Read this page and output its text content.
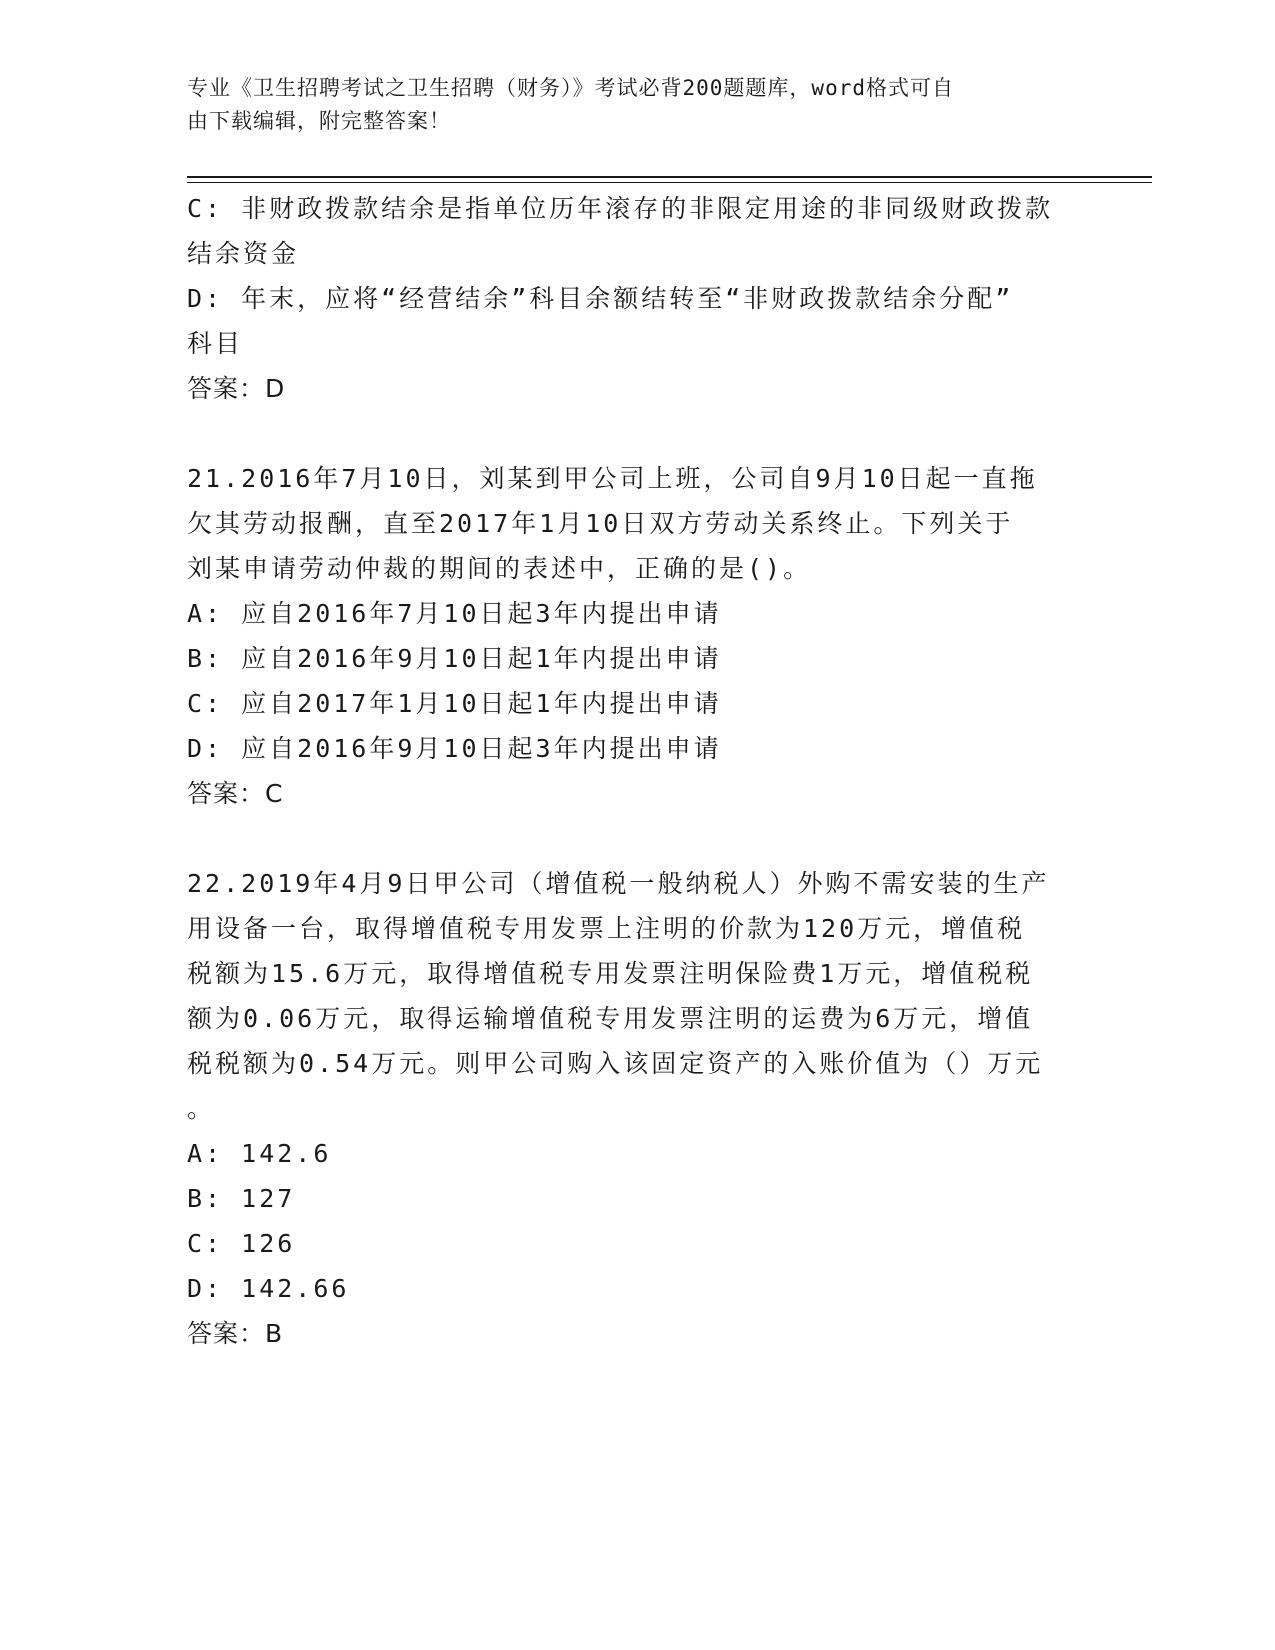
专业《卫生招聘考试之卫生招聘（财务）》考试必背200题题库，word格式可自
由下载编辑，附完整答案！
C: 非财政拨款结余是指单位历年滚存的非限定用途的非同级财政拨款
结余资金
D: 年末，应将“经营结余”科目余额结转至“非财政拨款结余分配”
科目
答案：D
21.2016年7月10日，刘某到甲公司上班，公司自9月10日起一直拖
欠其劳动报酬，直至2017年1月10日双方劳动关系终止。下列关于
刘某申请劳动仲裁的期间的表述中，正确的是()。
A: 应自2016年7月10日起3年内提出申请
B: 应自2016年9月10日起1年内提出申请
C: 应自2017年1月10日起1年内提出申请
D: 应自2016年9月10日起3年内提出申请
答案：C
22.2019年4月9日甲公司（增值税一般纳税人）外购不需安装的生产
用设备一台，取得增值税专用发票上注明的价款为120万元，增值税
税额为15.6万元，取得增值税专用发票注明保险费1万元，增值税税
额为0.06万元，取得运输增值税专用发票注明的运费为6万元，增值
税税额为0.54万元。则甲公司购入该固定资产的入账价值为（）万元
。
A: 142.6
B: 127
C: 126
D: 142.66
答案：B
